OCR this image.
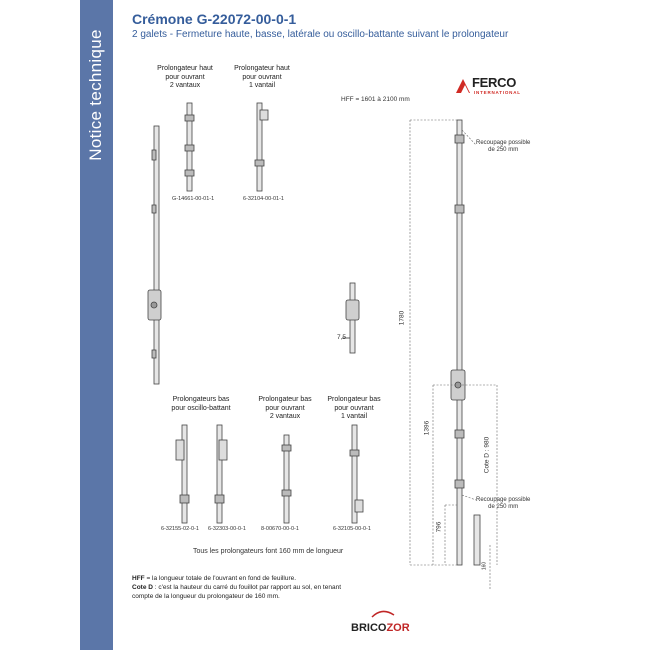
Notice technique
Crémone G-22072-00-0-1
2 galets - Fermeture haute, basse, latérale ou oscillo-battante suivant le prolongateur
Prolongateur haut
pour ouvrant
2 vantaux
Prolongateur haut
pour ouvrant
1 vantail
G-14661-00-01-1	6-32104-00-01-1
Prolongateurs bas
pour oscillo-battant
Prolongateur bas
pour ouvrant
2 vantaux
Prolongateur bas
pour ouvrant
1 vantail
6-32155-02-0-1 6-32303-00-0-1	8-00670-00-0-1	6-32105-00-0-1
Tous les prolongateurs font 160 mm de longueur
FERCO
INTERNATIONAL
HFF = 1601 à 2100 mm
Recoupage possible
de 250 mm
Recoupage possible
de 250 mm
1780
1396
796
Cote D : 980
160
7,5
HFF = la longueur totale de l'ouvrant en fond de feuillure.
Cote D : c'est la hauteur du carré du fouillot par rapport au sol, en tenant
compte de la longueur du prolongateur de 160 mm.
BRICOZOR
